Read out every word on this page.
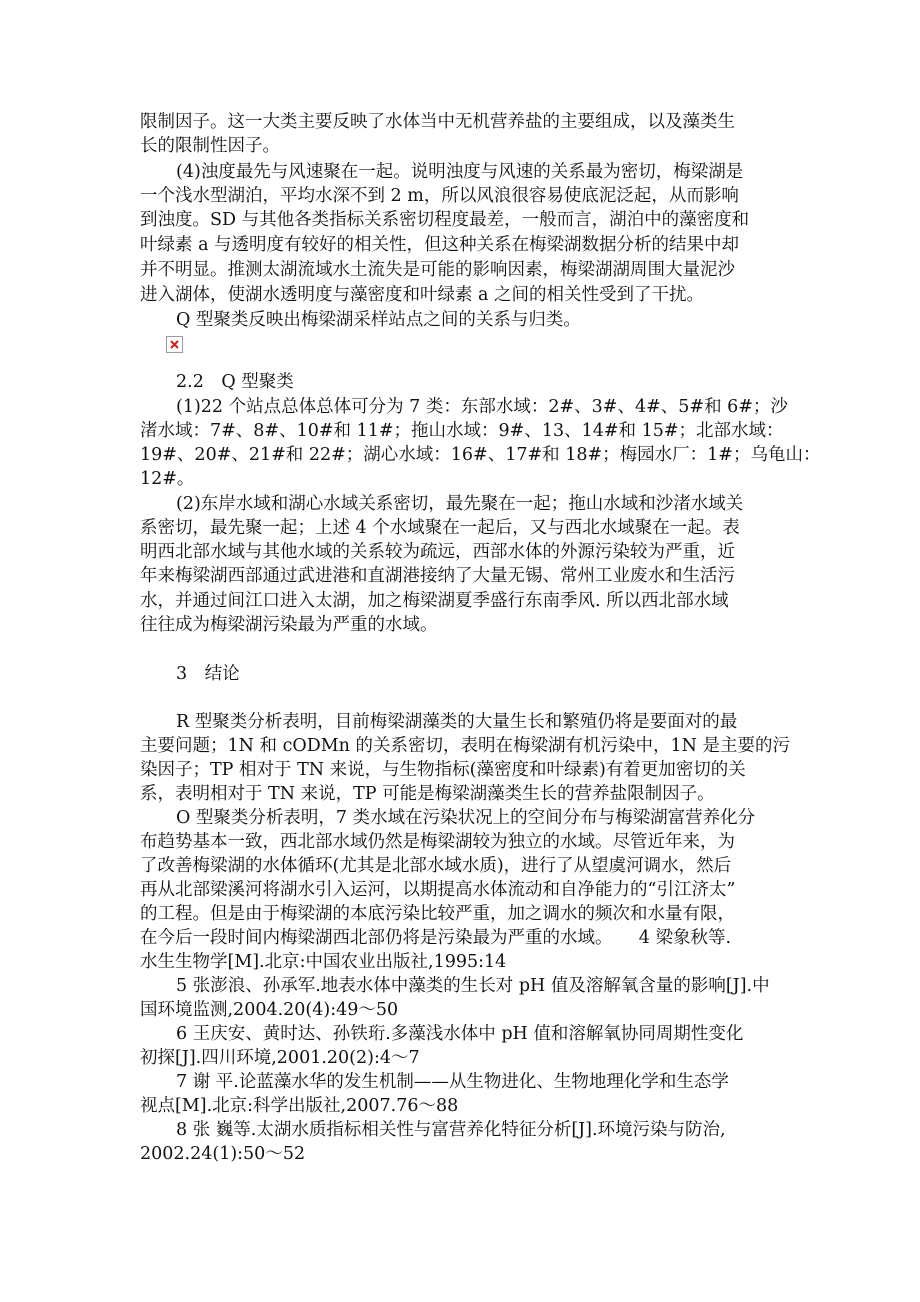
限制因子。这一大类主要反映了水体当中无机营养盐的主要组成，以及藻类生
长的限制性因子。
(4)浊度最先与风速聚在一起。说明浊度与风速的关系最为密切，梅梁湖是
一个浅水型湖泊，平均水深不到 2 m，所以风浪很容易使底泥泛起，从而影响
到浊度。SD 与其他各类指标关系密切程度最差，一般而言，湖泊中的藻密度和
叶绿素 a 与透明度有较好的相关性，但这种关系在梅梁湖数据分析的结果中却
并不明显。推测太湖流域水土流失是可能的影响因素，梅梁湖湖周围大量泥沙
进入湖体，使湖水透明度与藻密度和叶绿素 a 之间的相关性受到了干扰。
Q 型聚类反映出梅梁湖采样站点之间的关系与归类。
2.2　Q 型聚类
(1)22 个站点总体总体可分为 7 类：东部水域：2#、3#、4#、5#和 6#；沙
渚水域：7#、8#、10#和 11#；拖山水域：9#、13、14#和 15#；北部水域：
19#、20#、21#和 22#；湖心水域：16#、17#和 18#；梅园水厂：1#；乌龟山：
12#。
(2)东岸水域和湖心水域关系密切，最先聚在一起；拖山水域和沙渚水域关
系密切，最先聚一起；上述 4 个水域聚在一起后，又与西北水域聚在一起。表
明西北部水域与其他水域的关系较为疏远，西部水体的外源污染较为严重，近
年来梅梁湖西部通过武进港和直湖港接纳了大量无锡、常州工业废水和生活污
水，并通过间江口进入太湖，加之梅梁湖夏季盛行东南季风. 所以西北部水域
往往成为梅梁湖污染最为严重的水域。
3　结论
R 型聚类分析表明，目前梅梁湖藻类的大量生长和繁殖仍将是要面对的最
主要问题；1N 和 cODMn 的关系密切，表明在梅梁湖有机污染中，1N 是主要的污
染因子；TP 相对于 TN 来说，与生物指标(藻密度和叶绿素)有着更加密切的关
系，表明相对于 TN 来说，TP 可能是梅梁湖藻类生长的营养盐限制因子。
O 型聚类分析表明，7 类水域在污染状况上的空间分布与梅梁湖富营养化分
布趋势基本一致，西北部水域仍然是梅梁湖较为独立的水域。尽管近年来，为
了改善梅梁湖的水体循环(尤其是北部水域水质)，进行了从望虞河调水，然后
再从北部梁溪河将湖水引入运河，以期提高水体流动和自净能力的“引江济太”
的工程。但是由于梅梁湖的本底污染比较严重，加之调水的频次和水量有限，
在今后一段时间内梅梁湖西北部仍将是污染最为严重的水域。　　4 梁象秋等.
水生生物学[M].北京:中国农业出版社,1995:14
5 张澎浪、孙承军.地表水体中藻类的生长对 pH 值及溶解氧含量的影响[J].中
国环境监测,2004.20(4):49～50
6 王庆安、黄时达、孙铁珩.多藻浅水体中 pH 值和溶解氧协同周期性变化
初探[J].四川环境,2001.20(2):4～7
7 谢 平.论蓝藻水华的发生机制——从生物进化、生物地理化学和生态学
视点[M].北京:科学出版社,2007.76～88
8 张 巍等.太湖水质指标相关性与富营养化特征分析[J].环境污染与防治,
2002.24(1):50～52
